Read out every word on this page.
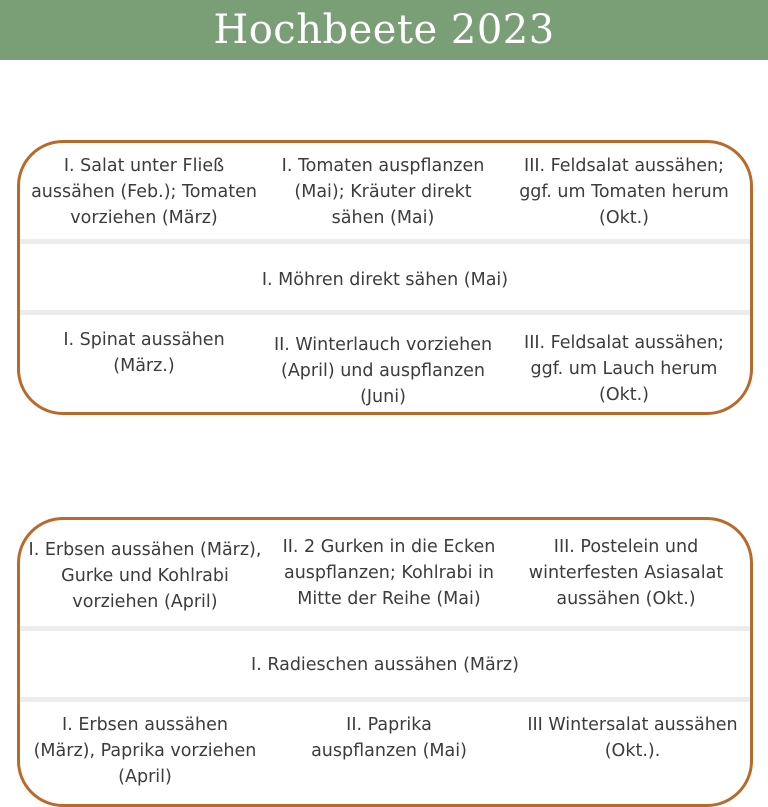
Hochbeete 2023
I. Salat unter Fließ
aussähen (Feb.); Tomaten
vorziehen (März)
I. Tomaten auspflanzen
(Mai); Kräuter direkt
sähen (Mai)
III. Feldsalat aussähen;
ggf. um Tomaten herum
(Okt.)
I. Möhren direkt sähen (Mai)
I. Spinat aussähen
(März.)
II. Winterlauch vorziehen
(April) und auspflanzen
(Juni)
III. Feldsalat aussähen;
ggf. um Lauch herum
(Okt.)
I. Erbsen aussähen (März),
Gurke und Kohlrabi
vorziehen (April)
II. 2 Gurken in die Ecken
auspflanzen; Kohlrabi in
Mitte der Reihe (Mai)
III. Postelein und
winterfesten Asiasalat
aussähen (Okt.)
I. Radieschen aussähen (März)
I. Erbsen aussähen
(März), Paprika vorziehen
(April)
II. Paprika
auspflanzen (Mai)
III Wintersalat aussähen
(Okt.).
